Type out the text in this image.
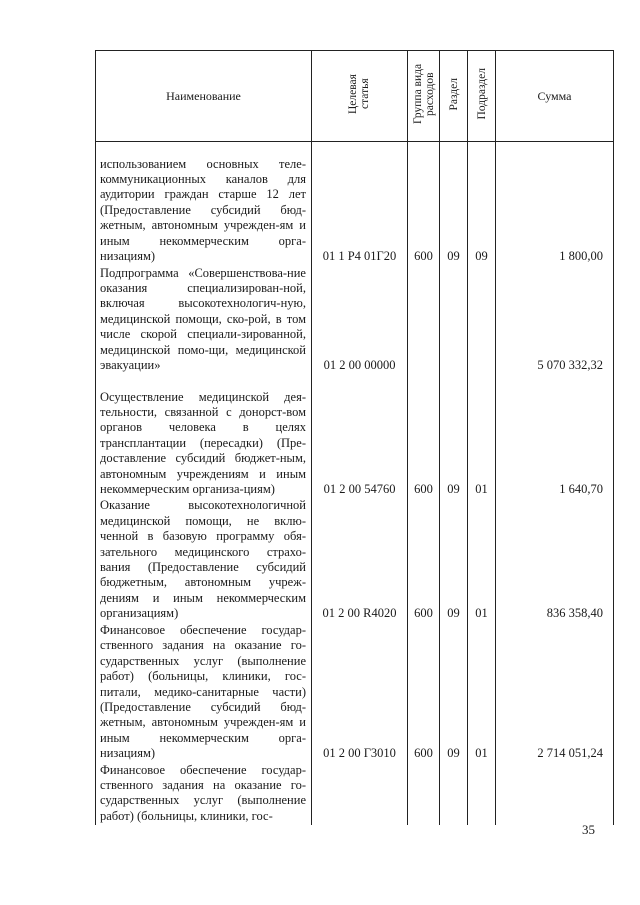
Наименование	Целевая статья	Группа вида расходов	Раздел	Подраздел	Сумма
использованием основных теле-коммуникационных каналов для аудитории граждан старше 12 лет (Предоставление субсидий бюд-жетным, автономным учрежден-ям и иным некоммерческим орга-низациям)	01 1 P4 01Г20	600	09	09	1 800,00
Подпрограмма «Совершенствова-ние оказания специализирован-ной, включая высокотехнологич-ную, медицинской помощи, ско-рой, в том числе скорой специали-зированной, медицинской помо-щи, медицинской эвакуации»	01 2 00 00000				5 070 332,32
Осуществление медицинской дея-тельности, связанной с донорст-вом органов человека в целях трансплантации (пересадки) (Пре-доставление субсидий бюджет-ным, автономным учреждениям и иным некоммерческим организа-циям)	01 2 00 54760	600	09	01	1 640,70
Оказание высокотехнологичной медицинской помощи, не вклю-ченной в базовую программу обя-зательного медицинского страхо-вания (Предоставление субсидий бюджетным, автономным учреж-дениям и иным некоммерческим организациям)	01 2 00 R4020	600	09	01	836 358,40
Финансовое обеспечение государ-ственного задания на оказание го-сударственных услуг (выполнение работ) (больницы, клиники, гос-питали, медико-санитарные части) (Предоставление субсидий бюд-жетным, автономным учрежден-ям и иным некоммерческим орга-низациям)	01 2 00 Г3010	600	09	01	2 714 051,24
Финансовое обеспечение государ-ственного задания на оказание го-сударственных услуг (выполнение работ) (больницы, клиники, гос-					
35
